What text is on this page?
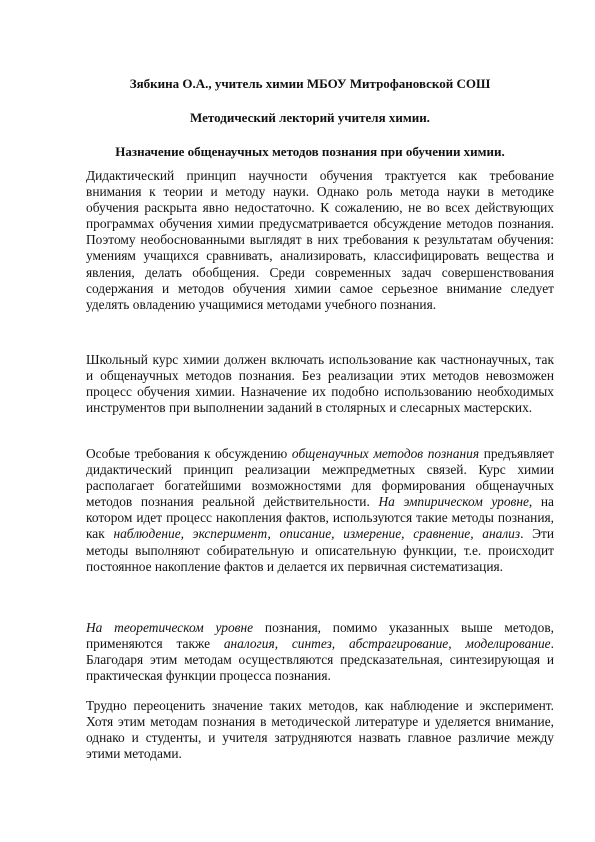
Зябкина О.А., учитель химии МБОУ Митрофановской СОШ
Методический лекторий учителя химии.
Назначение общенаучных методов познания при обучении химии.

Дидактический принцип научности обучения трактуется как требование внимания к теории и методу науки. Однако роль метода науки в методике обучения раскрыта явно недостаточно. К сожалению, не во всех действующих программах обучения химии предусматривается обсуждение методов познания. Поэтому необоснованными выглядят в них требования к результатам обучения: умениям учащихся сравнивать, анализировать, классифицировать вещества и явления, делать обобщения. Среди современных задач совершенствования содержания и методов обучения химии самое серьезное внимание следует уделять овладению учащимися методами учебного познания.

Школьный курс химии должен включать использование как частнонаучных, так и общенаучных методов познания. Без реализации этих методов невозможен процесс обучения химии. Назначение их подобно использованию необходимых инструментов при выполнении заданий в столярных и слесарных мастерских.

Особые требования к обсуждению общенаучных методов познания предъявляет дидактический принцип реализации межпредметных связей. Курс химии располагает богатейшими возможностями для формирования общенаучных методов познания реальной действительности. На эмпирическом уровне, на котором идет процесс накопления фактов, используются такие методы познания, как наблюдение, эксперимент, описание, измерение, сравнение, анализ. Эти методы выполняют собирательную и описательную функции, т.е. происходит постоянное накопление фактов и делается их первичная систематизация.

На теоретическом уровне познания, помимо указанных выше методов, применяются также аналогия, синтез, абстрагирование, моделирование. Благодаря этим методам осуществляются предсказательная, синтезирующая и практическая функции процесса познания.

Трудно переоценить значение таких методов, как наблюдение и эксперимент. Хотя этим методам познания в методической литературе и уделяется внимание, однако и студенты, и учителя затрудняются назвать главное различие между этими методами.
